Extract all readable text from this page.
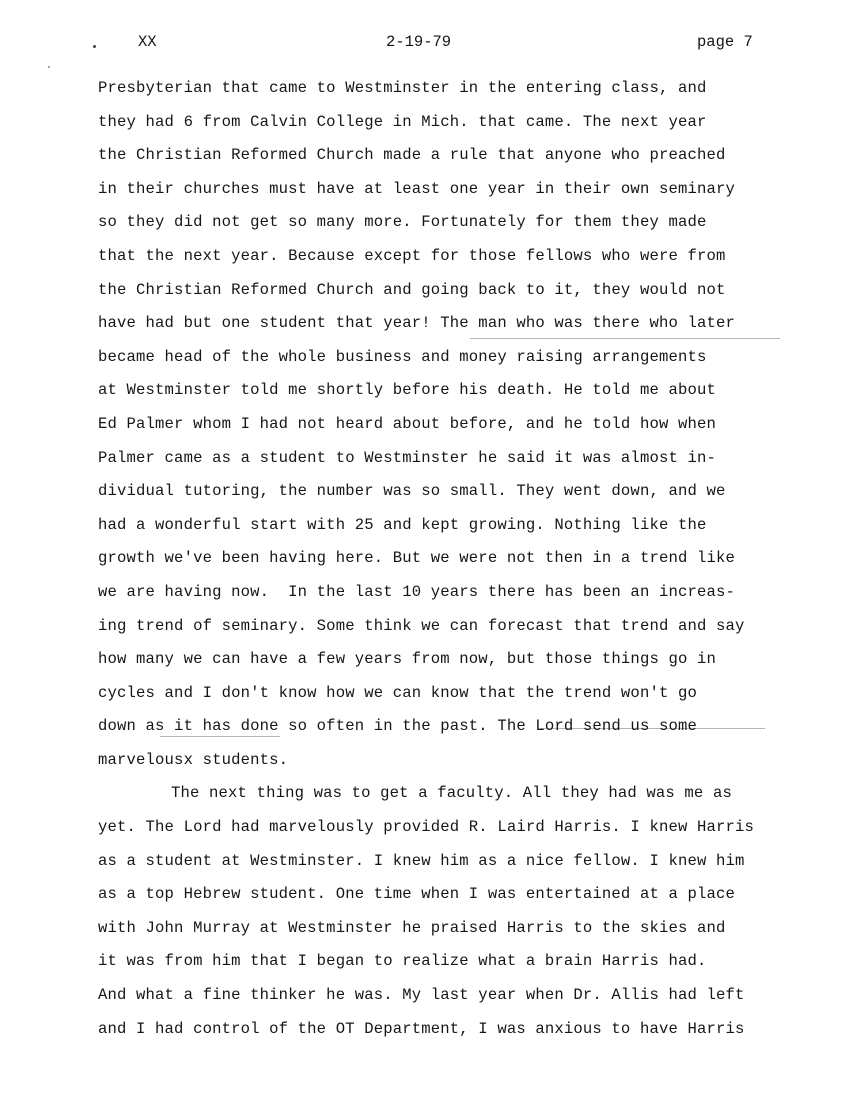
XX	2-19-79	page 7
Presbyterian that came to Westminster in the entering class, and
they had 6 from Calvin College in Mich. that came. The next year
the Christian Reformed Church made a rule that anyone who preached
in their churches must have at least one year in their own seminary
so they did not get so many more. Fortunately for them they made
that the next year. Because except for those fellows who were from
the Christian Reformed Church and going back to it, they would not
have had but one student that year! The man who was there who later
became head of the whole business and money raising arrangements
at Westminster told me shortly before his death. He told me about
Ed Palmer whom I had not heard about before, and he told how when
Palmer came as a student to Westminster he said it was almost in-
dividual tutoring, the number was so small. They went down, and we
had a wonderful start with 25 and kept growing. Nothing like the
growth we've been having here. But we were not then in a trend like
we are having now.  In the last 10 years there has been an increas-
ing trend of seminary. Some think we can forecast that trend and say
how many we can have a few years from now, but those things go in
cycles and I don't know how we can know that the trend won't go
down as it has done so often in the past. The Lord send us some
marvelousx students.
The next thing was to get a faculty. All they had was me as
yet. The Lord had marvelously provided R. Laird Harris. I knew Harris
as a student at Westminster. I knew him as a nice fellow. I knew him
as a top Hebrew student. One time when I was entertained at a place
with John Murray at Westminster he praised Harris to the skies and
it was from him that I began to realize what a brain Harris had.
And what a fine thinker he was. My last year when Dr. Allis had left
and I had control of the OT Department, I was anxious to have Harris
